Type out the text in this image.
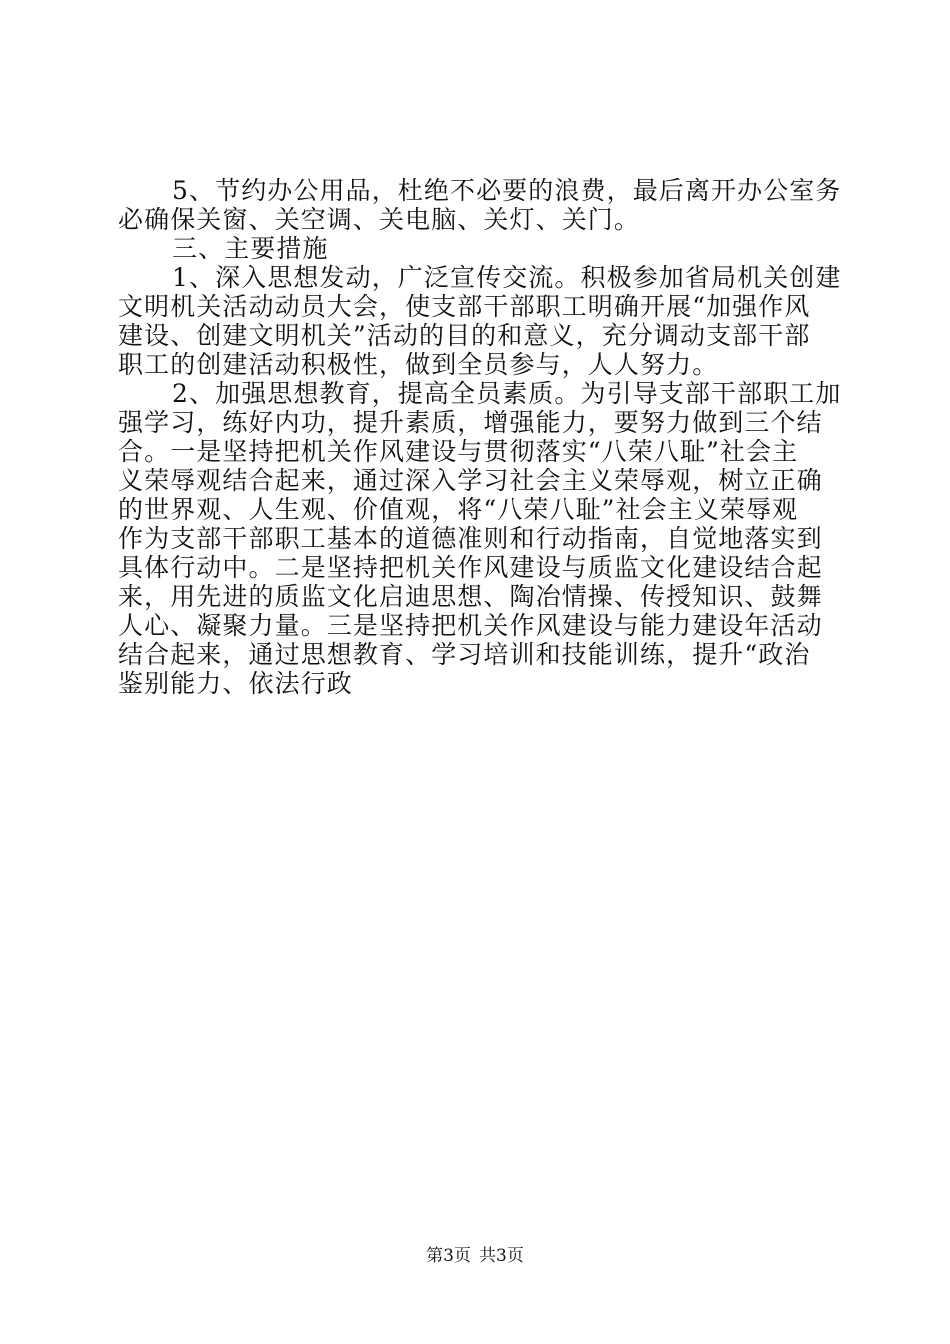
5、节约办公用品，杜绝不必要的浪费，最后离开办公室务
必确保关窗、关空调、关电脑、关灯、关门。
三、主要措施
1、深入思想发动，广泛宣传交流。积极参加省局机关创建
文明机关活动动员大会，使支部干部职工明确开展“加强作风
建设、创建文明机关”活动的目的和意义，充分调动支部干部
职工的创建活动积极性，做到全员参与，人人努力。
2、加强思想教育，提高全员素质。为引导支部干部职工加
强学习，练好内功，提升素质，增强能力，要努力做到三个结
合。一是坚持把机关作风建设与贯彻落实“八荣八耻”社会主
义荣辱观结合起来，通过深入学习社会主义荣辱观，树立正确
的世界观、人生观、价值观，将“八荣八耻”社会主义荣辱观
作为支部干部职工基本的道德准则和行动指南，自觉地落实到
具体行动中。二是坚持把机关作风建设与质监文化建设结合起
来，用先进的质监文化启迪思想、陶冶情操、传授知识、鼓舞
人心、凝聚力量。三是坚持把机关作风建设与能力建设年活动
结合起来，通过思想教育、学习培训和技能训练，提升“政治
鉴别能力、依法行政
第3页 共3页
